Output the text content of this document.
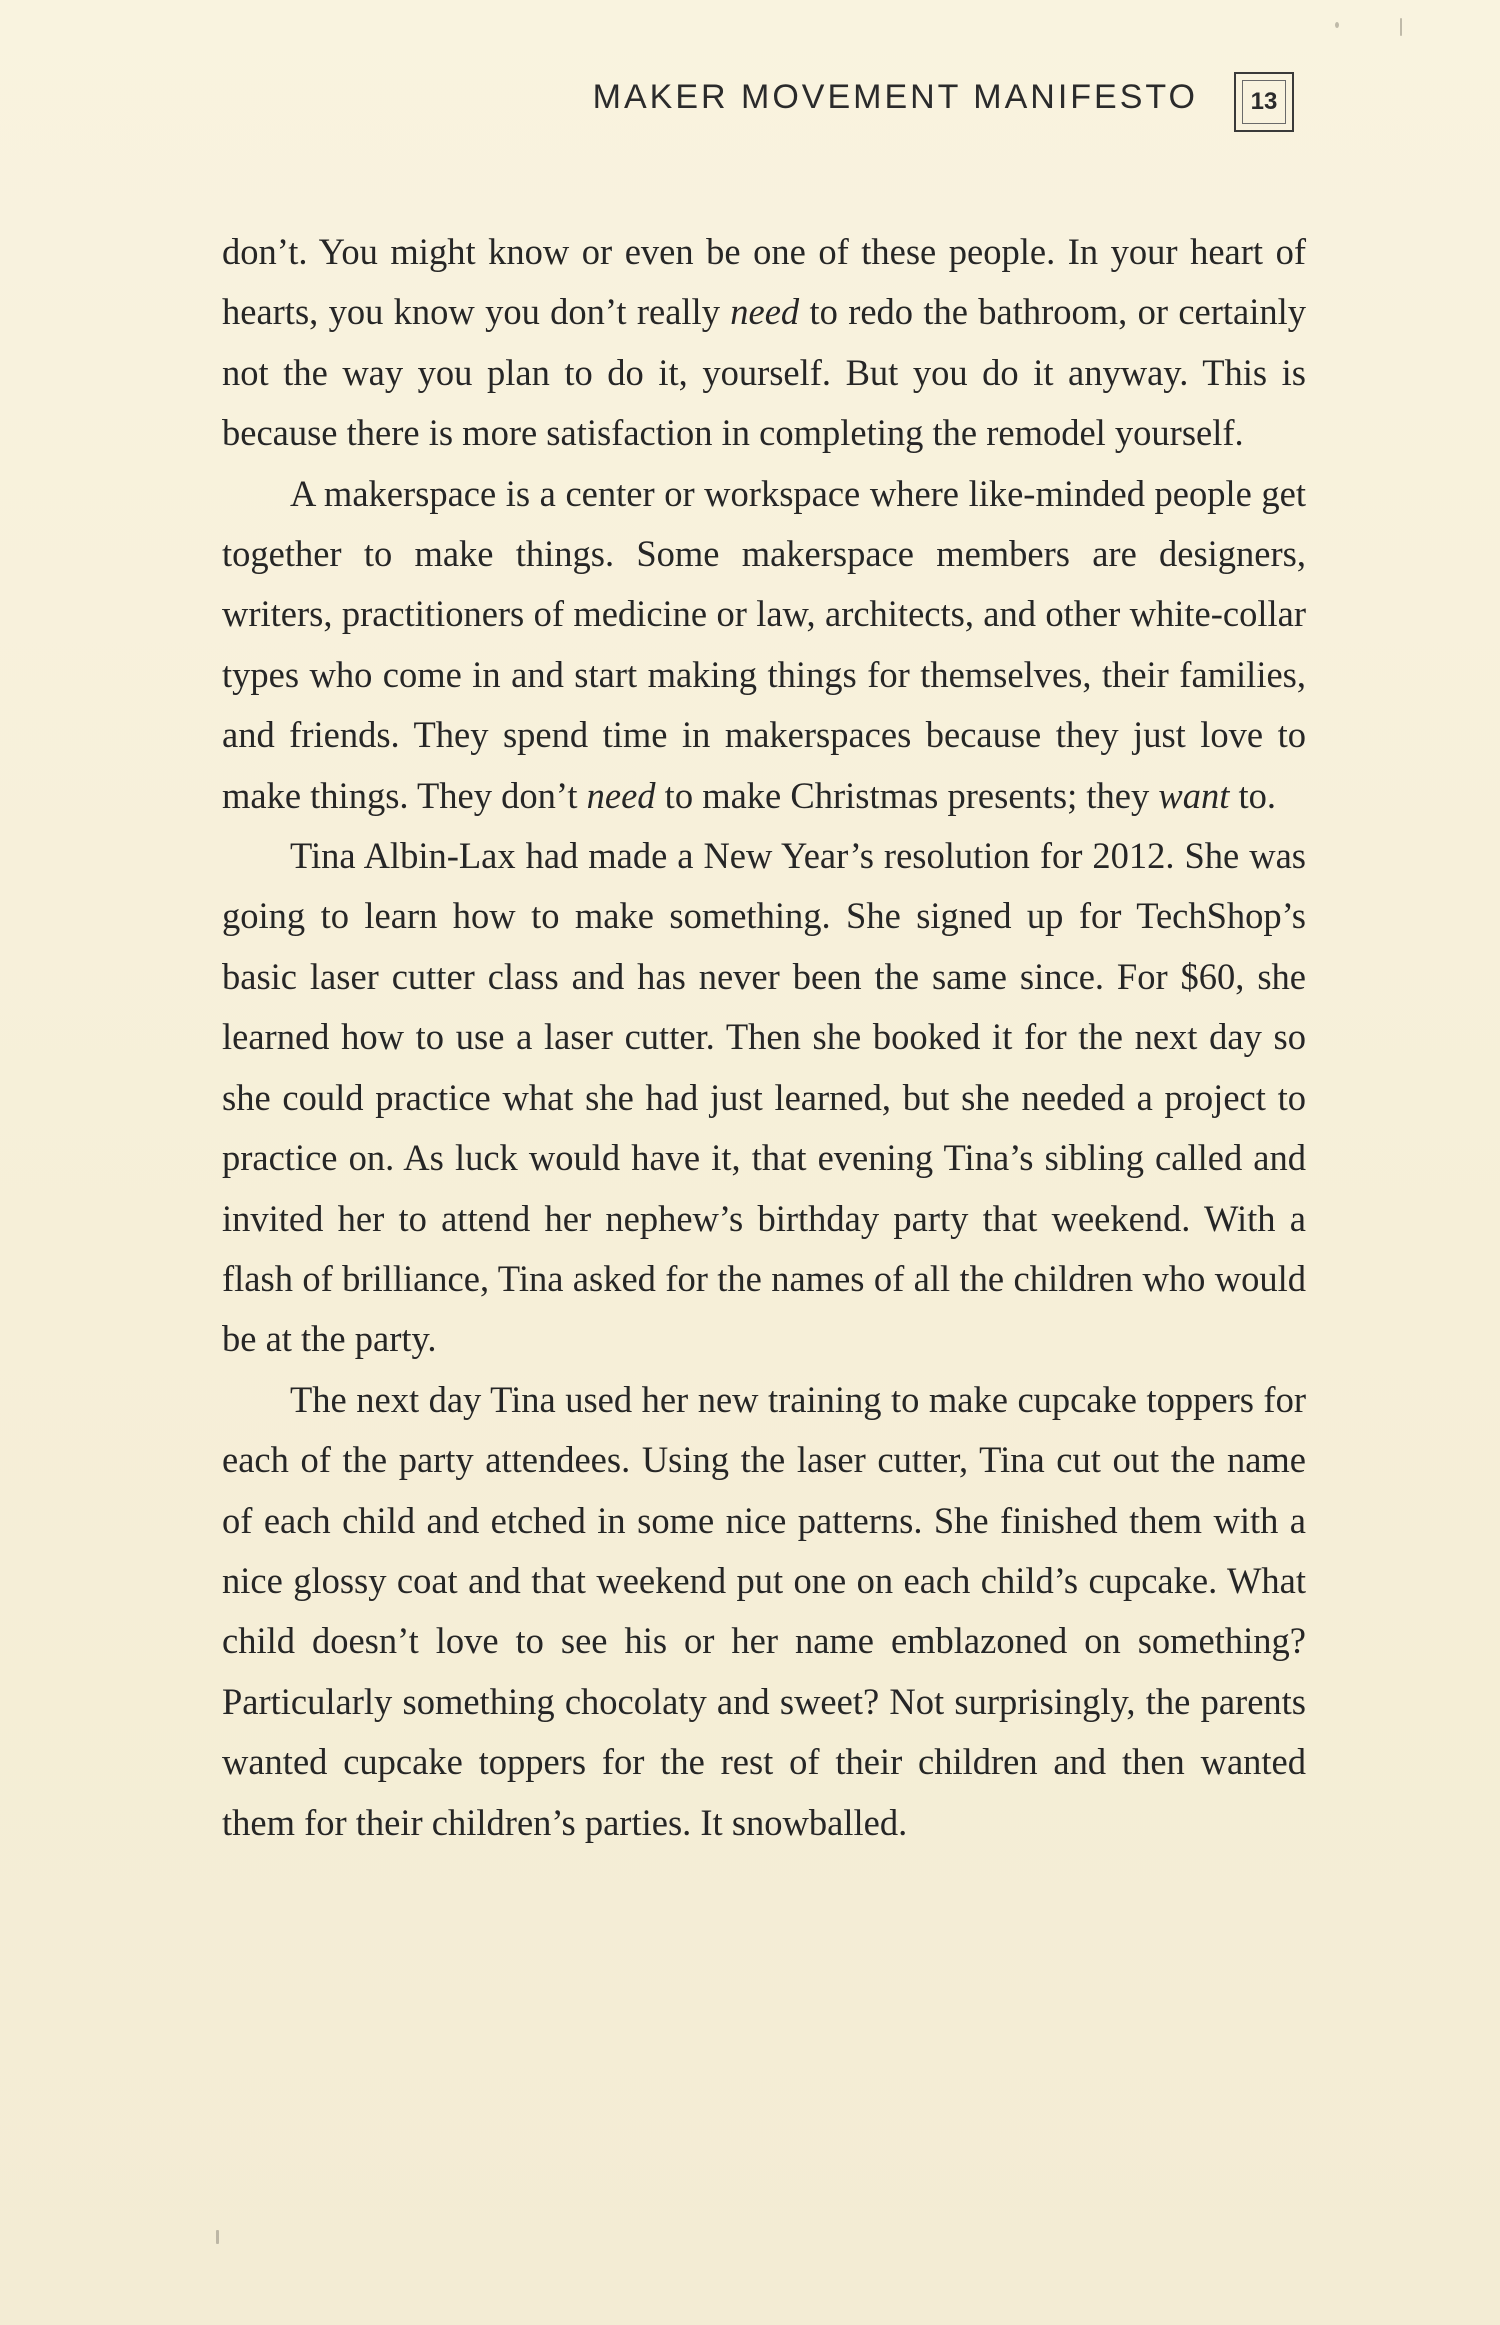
MAKER MOVEMENT MANIFESTO	13

don’t. You might know or even be one of these people. In your heart of hearts, you know you don’t really need to redo the bathroom, or certainly not the way you plan to do it, yourself. But you do it anyway. This is because there is more satisfaction in completing the remodel yourself.

A makerspace is a center or workspace where like-minded people get together to make things. Some makerspace members are designers, writers, practitioners of medicine or law, architects, and other white-collar types who come in and start making things for themselves, their families, and friends. They spend time in makerspaces because they just love to make things. They don’t need to make Christmas presents; they want to.

Tina Albin-Lax had made a New Year’s resolution for 2012. She was going to learn how to make something. She signed up for TechShop’s basic laser cutter class and has never been the same since. For $60, she learned how to use a laser cutter. Then she booked it for the next day so she could practice what she had just learned, but she needed a project to practice on. As luck would have it, that evening Tina’s sibling called and invited her to attend her nephew’s birthday party that weekend. With a flash of brilliance, Tina asked for the names of all the children who would be at the party.

The next day Tina used her new training to make cupcake toppers for each of the party attendees. Using the laser cutter, Tina cut out the name of each child and etched in some nice patterns. She finished them with a nice glossy coat and that weekend put one on each child’s cupcake. What child doesn’t love to see his or her name emblazoned on something? Particularly something chocolaty and sweet? Not surprisingly, the parents wanted cupcake toppers for the rest of their children and then wanted them for their children’s parties. It snowballed.
